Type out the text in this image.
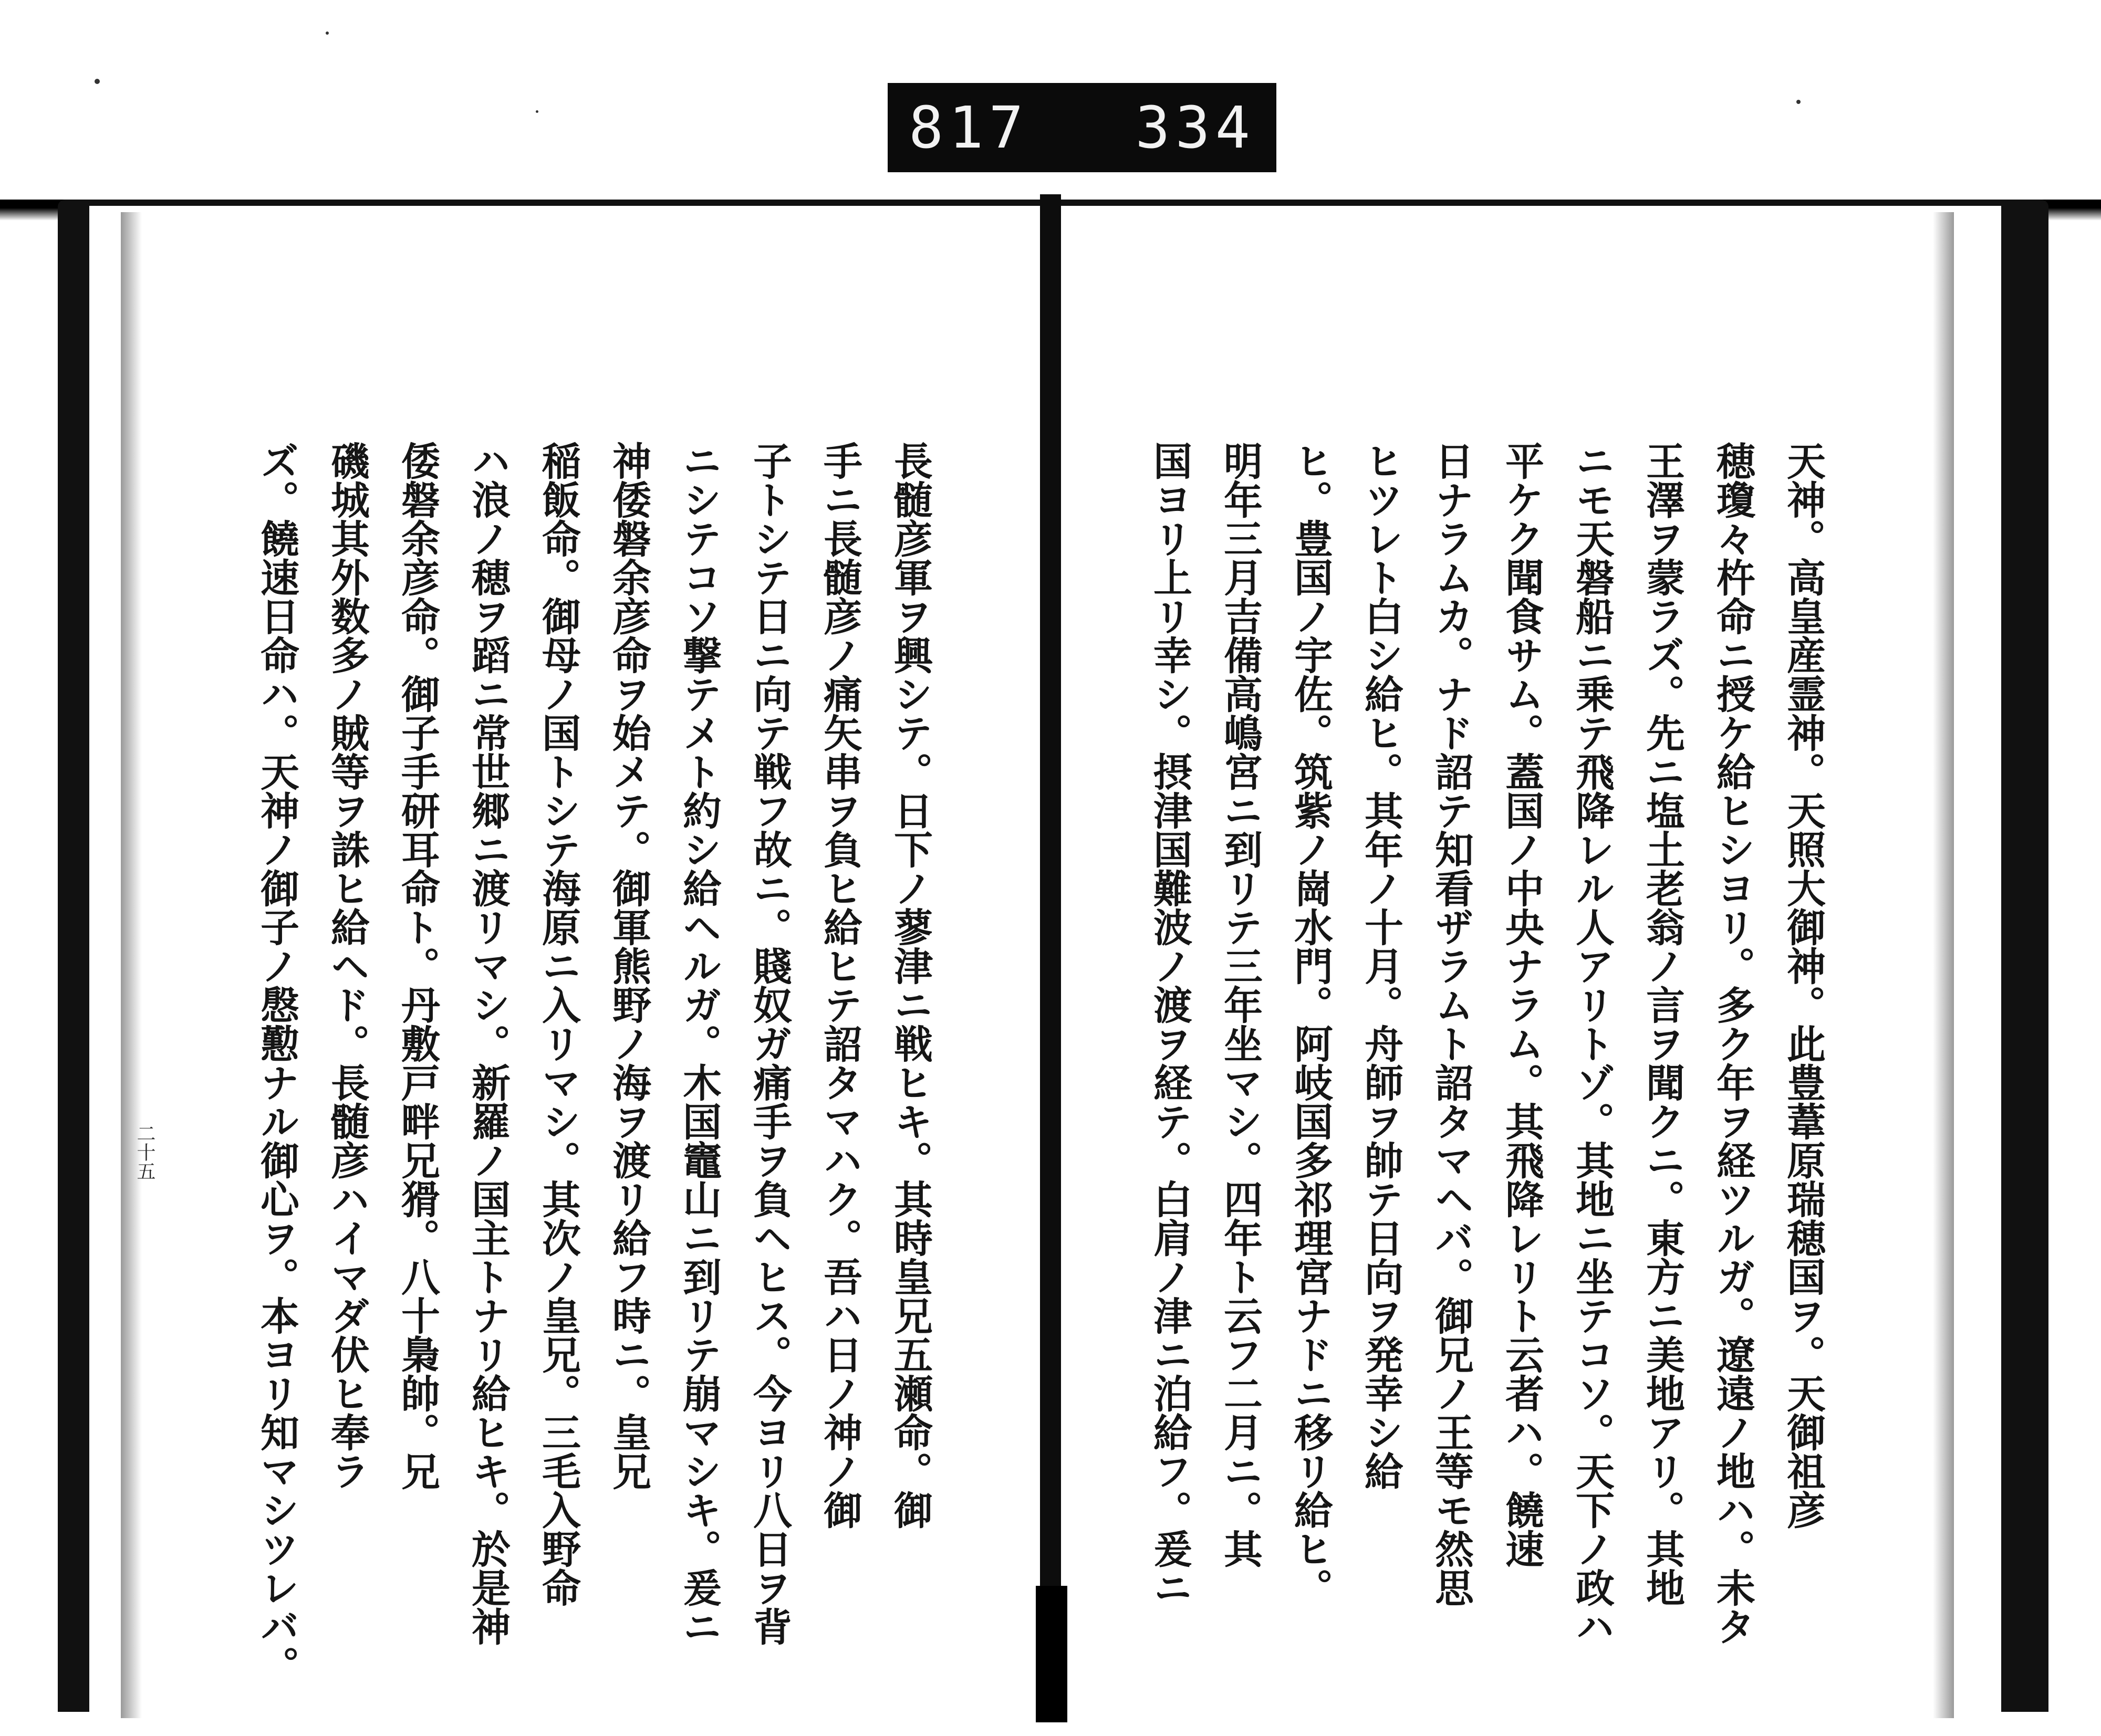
817 334
天神。高皇産霊神。天照大御神。此豊葦原瑞穂国ヲ。天御祖彦
穂瓊々杵命ニ授ケ給ヒシヨリ。多ク年ヲ経ツルガ。遼遠ノ地ハ。未タ
王澤ヲ蒙ラズ。先ニ塩土老翁ノ言ヲ聞クニ。東方ニ美地アリ。其地
ニモ天磐船ニ乗テ飛降レル人アリトゾ。其地ニ坐テコソ。天下ノ政ハ
平ケク聞食サム。蓋国ノ中央ナラム。其飛降レリト云者ハ。饒速
日ナラムカ。ナド詔テ知看ザラムト詔タマヘバ。御兄ノ王等モ然思
ヒツレト白シ給ヒ。其年ノ十月。舟師ヲ帥テ日向ヲ発幸シ給
ヒ。豊国ノ宇佐。筑紫ノ崗水門。阿岐国多祁理宮ナドニ移リ給ヒ。
明年三月吉備高嶋宮ニ到リテ三年坐マシ。四年ト云フ二月ニ。其
国ヨリ上リ幸シ。摂津国難波ノ渡ヲ経テ。白肩ノ津ニ泊給フ。爰ニ
長髄彦軍ヲ興シテ。日下ノ蓼津ニ戦ヒキ。其時皇兄五瀬命。御
手ニ長髄彦ノ痛矢串ヲ負ヒ給ヒテ詔タマハク。吾ハ日ノ神ノ御
子トシテ日ニ向テ戦フ故ニ。賤奴ガ痛手ヲ負ヘヒス。今ヨリ八日ヲ背
ニシテコソ撃テメト約シ給ヘルガ。木国竈山ニ到リテ崩マシキ。爰ニ
神倭磐余彦命ヲ始メテ。御軍熊野ノ海ヲ渡リ給フ時ニ。皇兄
稲飯命。御母ノ国トシテ海原ニ入リマシ。其次ノ皇兄。三毛入野命
ハ浪ノ穂ヲ蹈ニ常世郷ニ渡リマシ。新羅ノ国主トナリ給ヒキ。於是神
倭磐余彦命。御子手研耳命ト。丹敷戸畔兄猾。八十梟帥。兄
磯城其外数多ノ賊等ヲ誅ヒ給ヘド。長髄彦ハイマダ伏ヒ奉ラ
ズ。饒速日命ハ。天神ノ御子ノ慇懃ナル御心ヲ。本ヨリ知マシツレバ。
二十五
